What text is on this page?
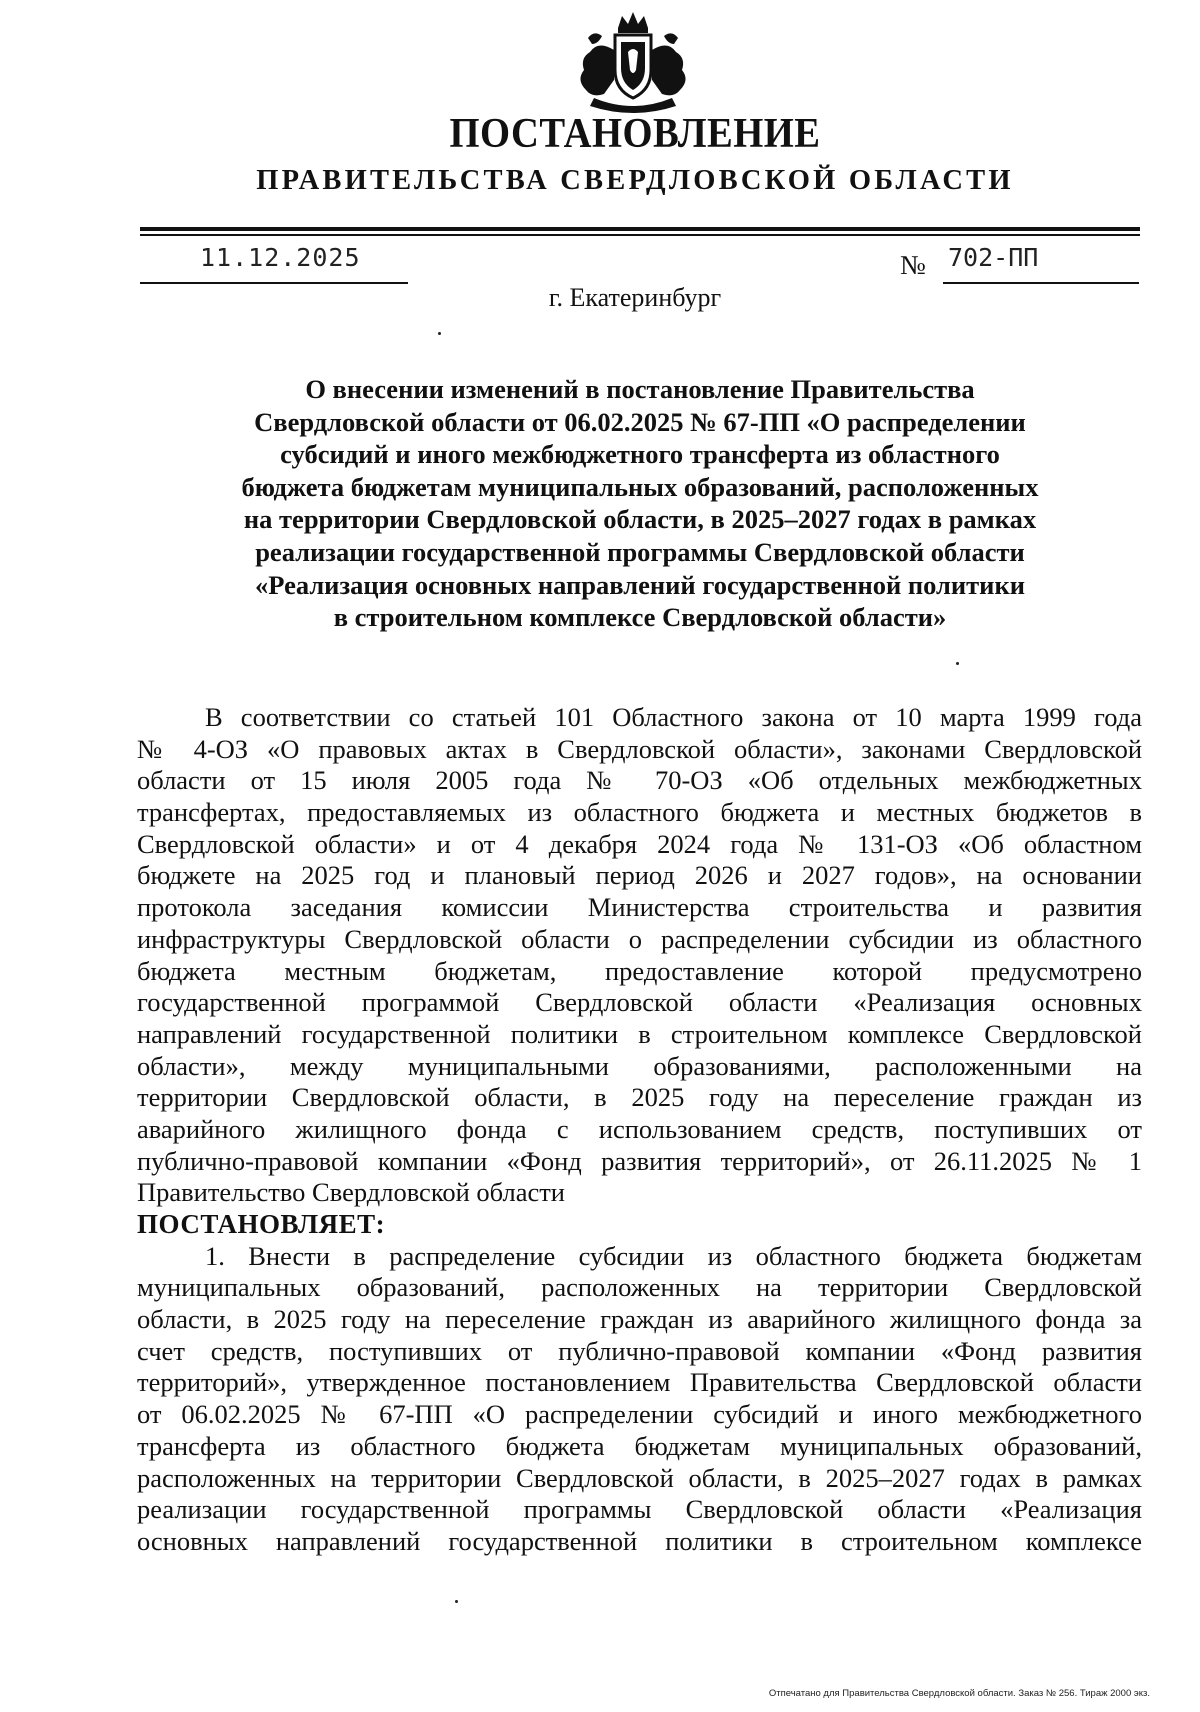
ПОСТАНОВЛЕНИЕ
ПРАВИТЕЛЬСТВА СВЕРДЛОВСКОЙ ОБЛАСТИ
11.12.2025	№ 702-ПП
г. Екатеринбург
О внесении изменений в постановление Правительства
Свердловской области от 06.02.2025 № 67-ПП «О распределении
субсидий и иного межбюджетного трансферта из областного
бюджета бюджетам муниципальных образований, расположенных
на территории Свердловской области, в 2025–2027 годах в рамках
реализации государственной программы Свердловской области
«Реализация основных направлений государственной политики
в строительном комплексе Свердловской области»
В соответствии со статьей 101 Областного закона от 10 марта 1999 года
№ 4-ОЗ «О правовых актах в Свердловской области», законами Свердловской
области от 15 июля 2005 года № 70-ОЗ «Об отдельных межбюджетных
трансфертах, предоставляемых из областного бюджета и местных бюджетов в
Свердловской области» и от 4 декабря 2024 года № 131-ОЗ «Об областном
бюджете на 2025 год и плановый период 2026 и 2027 годов», на основании
протокола заседания комиссии Министерства строительства и развития
инфраструктуры Свердловской области о распределении субсидии из областного
бюджета местным бюджетам, предоставление которой предусмотрено
государственной программой Свердловской области «Реализация основных
направлений государственной политики в строительном комплексе Свердловской
области», между муниципальными образованиями, расположенными на
территории Свердловской области, в 2025 году на переселение граждан из
аварийного жилищного фонда с использованием средств, поступивших от
публично-правовой компании «Фонд развития территорий», от 26.11.2025 № 1
Правительство Свердловской области
ПОСТАНОВЛЯЕТ:
1. Внести в распределение субсидии из областного бюджета бюджетам
муниципальных образований, расположенных на территории Свердловской
области, в 2025 году на переселение граждан из аварийного жилищного фонда за
счет средств, поступивших от публично-правовой компании «Фонд развития
территорий», утвержденное постановлением Правительства Свердловской области
от 06.02.2025 № 67-ПП «О распределении субсидий и иного межбюджетного
трансферта из областного бюджета бюджетам муниципальных образований,
расположенных на территории Свердловской области, в 2025–2027 годах в рамках
реализации государственной программы Свердловской области «Реализация
основных направлений государственной политики в строительном комплексе
Отпечатано для Правительства Свердловской области. Заказ № 256. Тираж 2000 экз.
